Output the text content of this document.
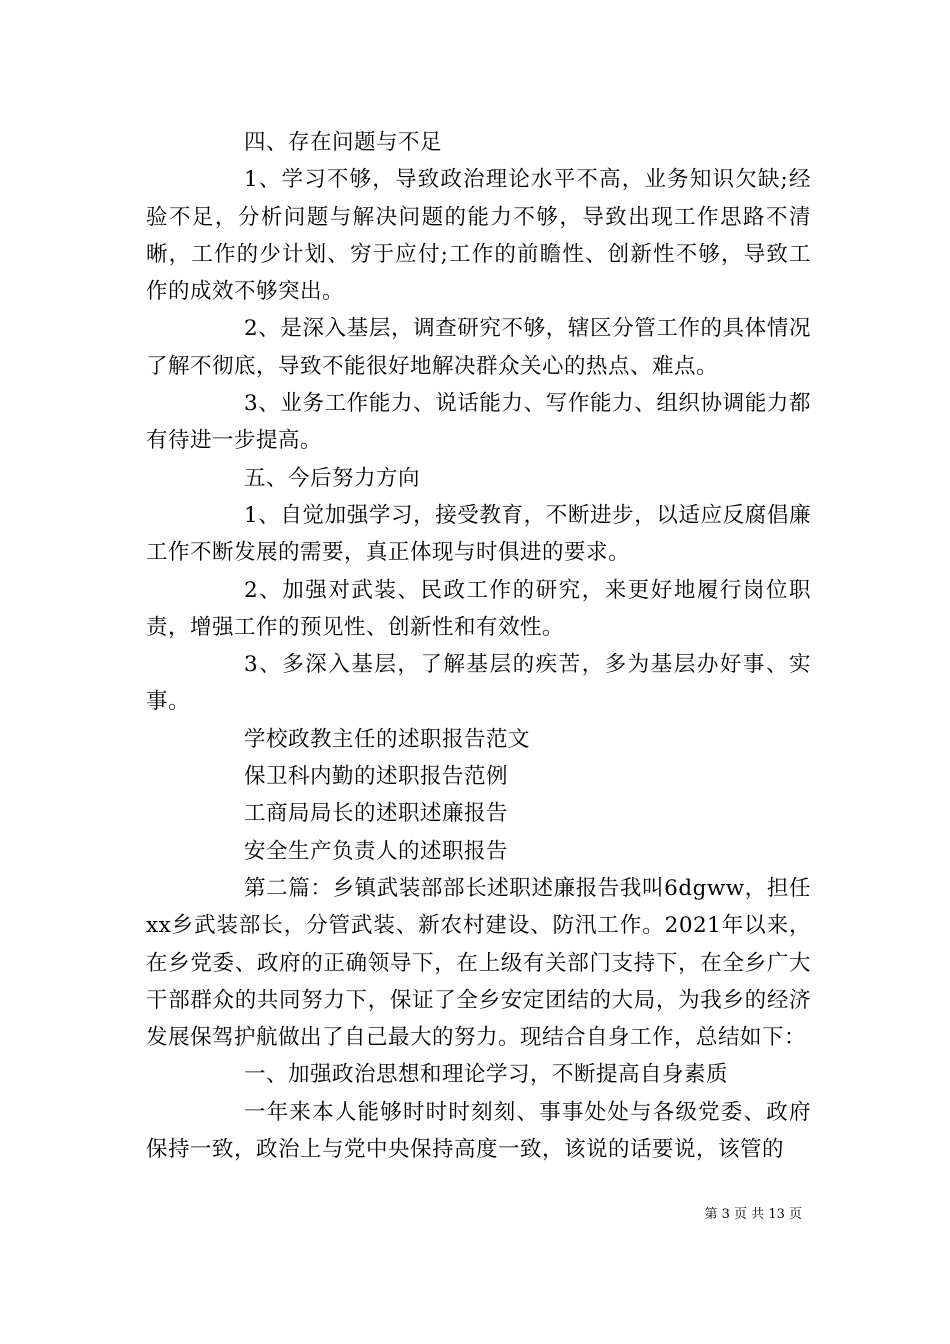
四、存在问题与不足

1、学习不够，导致政治理论水平不高，业务知识欠缺;经验不足，分析问题与解决问题的能力不够，导致出现工作思路不清晰，工作的少计划、穷于应付;工作的前瞻性、创新性不够，导致工作的成效不够突出。

2、是深入基层，调查研究不够，辖区分管工作的具体情况了解不彻底，导致不能很好地解决群众关心的热点、难点。

3、业务工作能力、说话能力、写作能力、组织协调能力都有待进一步提高。

五、今后努力方向

1、自觉加强学习，接受教育，不断进步，以适应反腐倡廉工作不断发展的需要，真正体现与时俱进的要求。

2、加强对武装、民政工作的研究，来更好地履行岗位职责，增强工作的预见性、创新性和有效性。

3、多深入基层，了解基层的疾苦，多为基层办好事、实事。

学校政教主任的述职报告范文

保卫科内勤的述职报告范例

工商局局长的述职述廉报告

安全生产负责人的述职报告

第二篇：乡镇武装部部长述职述廉报告我叫6dgww，担任xx乡武装部长，分管武装、新农村建设、防汛工作。2021年以来，在乡党委、政府的正确领导下，在上级有关部门支持下，在全乡广大干部群众的共同努力下，保证了全乡安定团结的大局，为我乡的经济发展保驾护航做出了自己最大的努力。现结合自身工作，总结如下：

一、加强政治思想和理论学习，不断提高自身素质

一年来本人能够时时时刻刻、事事处处与各级党委、政府保持一致，政治上与党中央保持高度一致，该说的话要说，该管的

第 3 页 共 13 页
